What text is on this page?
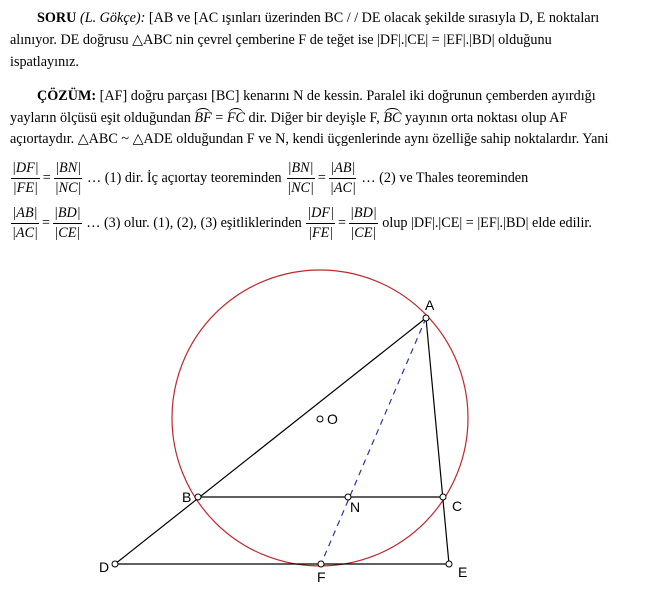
SORU (L. Gökçe): [AB ve [AC ışınları üzerinden BC / / DE olacak şekilde sırasıyla D, E noktaları
alınıyor. DE doğrusu △ABC nin çevrel çemberine F de teğet ise |DF|.|CE| = |EF|.|BD| olduğunu
ispatlayınız.
ÇÖZÜM: [AF] doğru parçası [BC] kenarını N de kessin. Paralel iki doğrunun çemberden ayırdığı
yayların ölçüsü eşit olduğundan BF = FC dir. Diğer bir deyişle F, BC yayının orta noktası olup AF
açıortaydır. △ABC ~ △ADE olduğundan F ve N, kendi üçgenlerinde aynı özelliğe sahip noktalardır. Yani
$\frac{|DF|}{|FE|} = \frac{|BN|}{|NC|}$ … (1) dir. İç açıortay teoreminden $\frac{|BN|}{|NC|} = \frac{|AB|}{|AC|}$ … (2) ve Thales teoreminden
$\frac{|AB|}{|AC|} = \frac{|BD|}{|CE|}$ … (3) olur. (1), (2), (3) eşitliklerinden $\frac{|DF|}{|FE|} = \frac{|BD|}{|CE|}$ olup |DF|.|CE| = |EF|.|BD| elde edilir.
A
B
C
D	E
F
N
O
